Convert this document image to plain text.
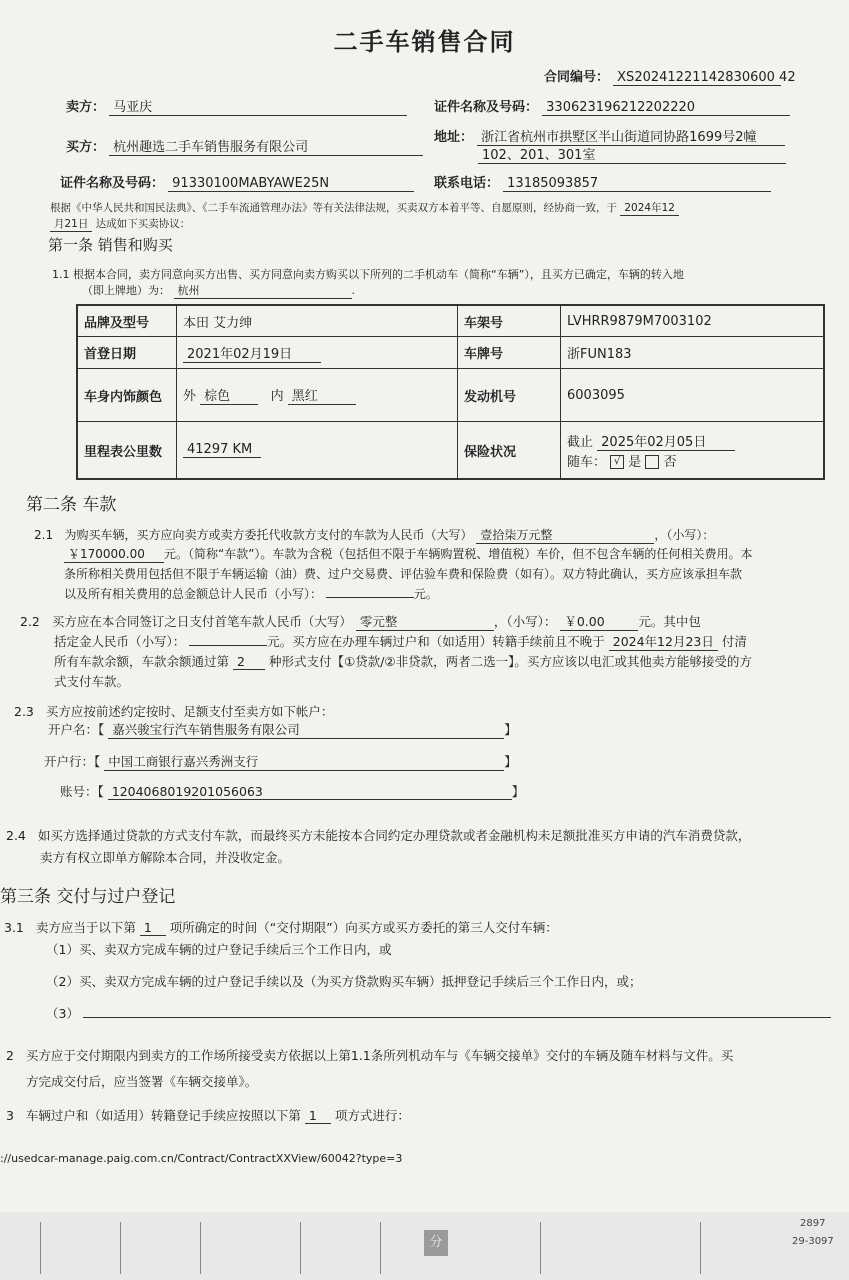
二手车销售合同
合同编号： XS20241221142830600 42
卖方： 马亚庆	证件名称及号码： 330623196212202220
买方： 杭州趣选二手车销售服务有限公司
地址： 浙江省杭州市拱墅区半山街道同协路1699号2幢
102、201、301室
证件名称及号码： 91330100MABYAWE25N	联系电话： 13185093857
根据《中华人民共和国民法典》、《二手车流通管理办法》等有关法律法规，买卖双方本着平等、自愿原则，经协商一致，于 2024年12
月21日 达成如下买卖协议：
第一条 销售和购买
1.1 根据本合同，卖方同意向买方出售、买方同意向卖方购买以下所列的二手机动车（简称“车辆”），且买方已确定，车辆的转入地
（即上牌地）为： 杭州	.
品牌及型号	本田 艾力绅	车架号	LVHRR9879M7003102
首登日期	2021年02月19日	车牌号	浙FUN183
车身内饰颜色	外 棕色 内 黑红	发动机号	6003095
里程表公里数	41297 KM	保险状况	截止 2025年02月05日
随车： √ 是 否
第二条 车款
2.1 为购买车辆，买方应向卖方或卖方委托代收款方支付的车款为人民币（大写） 壹拾柒万元整	，（小写）：
￥170000.00 元。（简称“车款”）。车款为含税（包括但不限于车辆购置税、增值税）车价，但不包含车辆的任何相关费用。本
条所称相关费用包括但不限于车辆运输（油）费、过户交易费、评估验车费和保险费（如有）。双方特此确认，买方应该承担车款
以及所有相关费用的总金额总计人民币（小写）：	元。
2.2 买方应在本合同签订之日支付首笔车款人民币（大写） 零元整	，（小写）： ￥0.00	元。其中包
括定金人民币（小写）：	元。买方应在办理车辆过户和（如适用）转籍手续前且不晚于 2024年12月23日 付清
所有车款余额，车款余额通过第 2 种形式支付【①贷款/②非贷款，两者二选一】。买方应该以电汇或其他卖方能够接受的方
式支付车款。
2.3 买方应按前述约定按时、足额支付至卖方如下帐户：
开户名：【 嘉兴骏宝行汽车销售服务有限公司	】
开户行：【 中国工商银行嘉兴秀洲支行	】
账号：【 1204068019201056063	】
2.4 如买方选择通过贷款的方式支付车款，而最终买方未能按本合同约定办理贷款或者金融机构未足额批准买方申请的汽车消费贷款，
卖方有权立即单方解除本合同，并没收定金。
第三条 交付与过户登记
3.1 卖方应当于以下第 1 项所确定的时间（“交付期限”）向买方或买方委托的第三人交付车辆：
（1）买、卖双方完成车辆的过户登记手续后三个工作日内，或
（2）买、卖双方完成车辆的过户登记手续以及（为买方贷款购买车辆）抵押登记手续后三个工作日内，或；
（3）
2 买方应于交付期限内到卖方的工作场所接受卖方依据以上第1.1条所列机动车与《车辆交接单》交付的车辆及随车材料与文件。买
方完成交付后，应当签署《车辆交接单》。
3 车辆过户和（如适用）转籍登记手续应按照以下第 1 项方式进行：
://usedcar-manage.paig.com.cn/Contract/ContractXXView/60042?type=3
分
2897
29-3097
